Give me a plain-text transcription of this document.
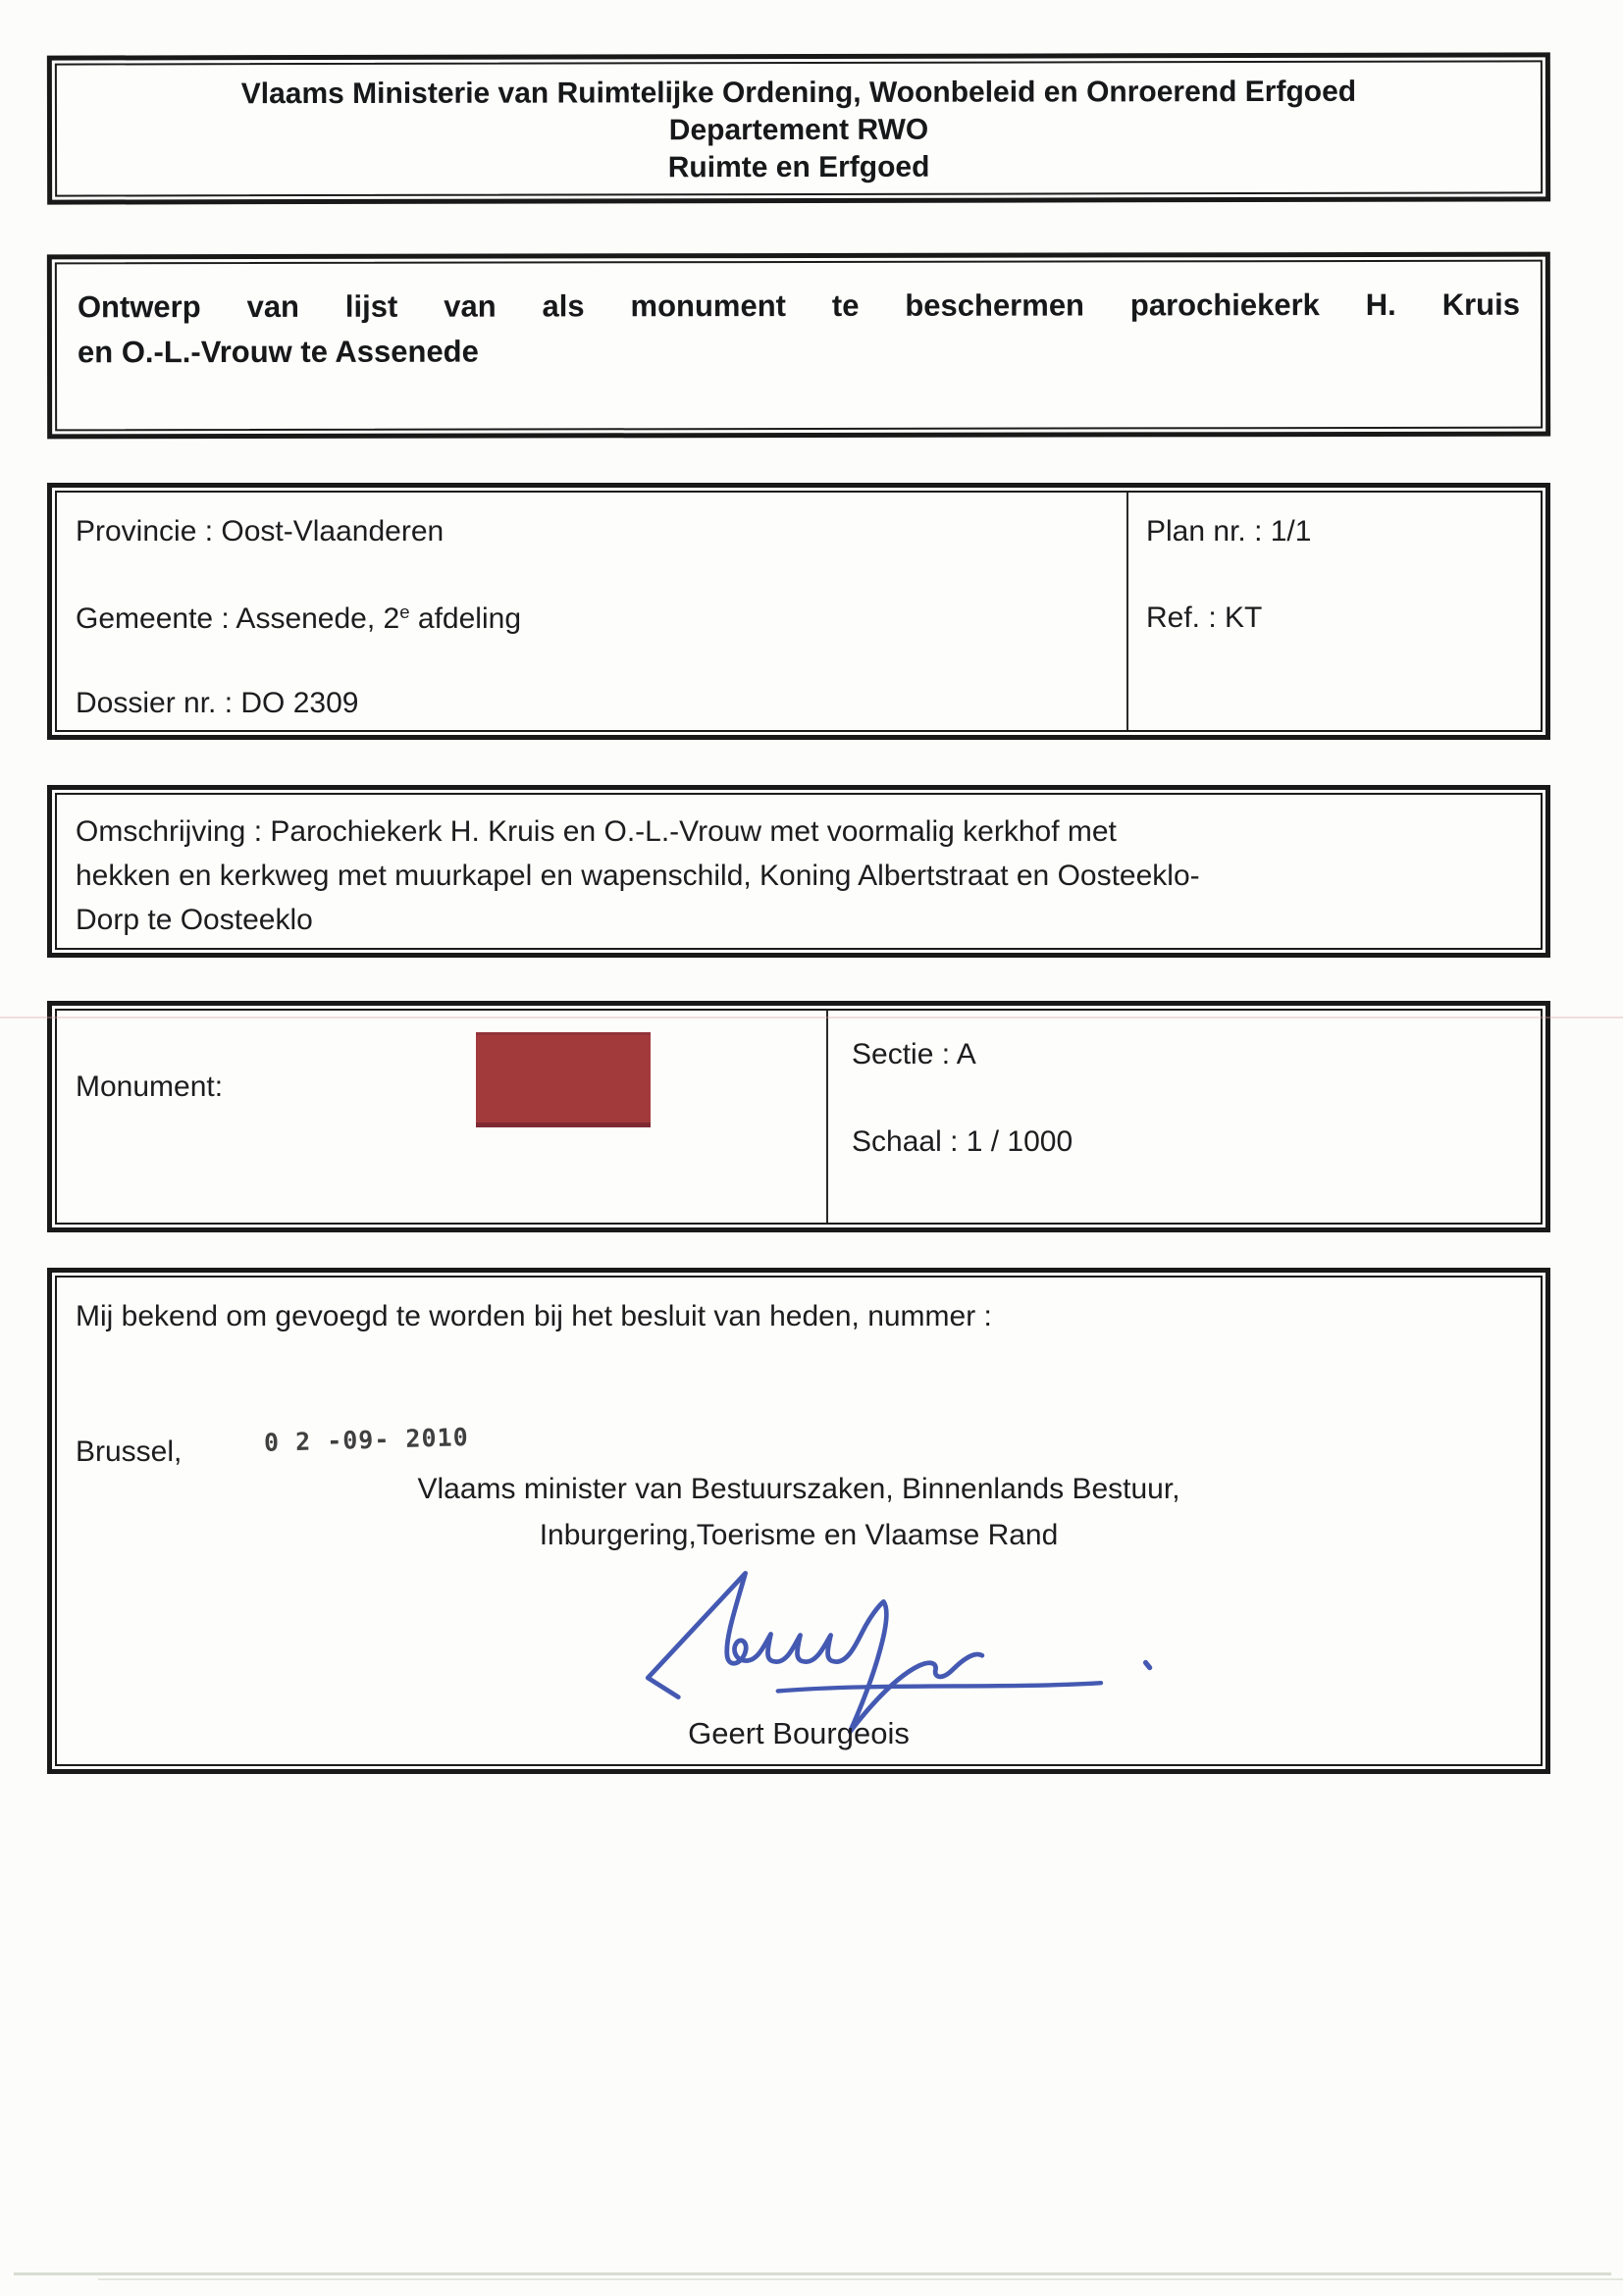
Vlaams Ministerie van Ruimtelijke Ordening, Woonbeleid en Onroerend Erfgoed
Departement RWO
Ruimte en Erfgoed
Ontwerp van lijst van als monument te beschermen parochiekerk H. Kruis
en O.-L.-Vrouw te Assenede
Provincie : Oost-Vlaanderen
Gemeente : Assenede, 2e afdeling
Dossier nr. : DO 2309
Plan nr. : 1/1
Ref. : KT
Omschrijving : Parochiekerk H. Kruis en O.-L.-Vrouw met voormalig kerkhof met
hekken en kerkweg met muurkapel en wapenschild, Koning Albertstraat en Oosteeklo-
Dorp te Oosteeklo
Monument:
Sectie : A
Schaal : 1 / 1000
Mij bekend om gevoegd te worden bij het besluit van heden, nummer :
Brussel,	0 2 -09- 2010
Vlaams minister van Bestuurszaken, Binnenlands Bestuur,
Inburgering,Toerisme en Vlaamse Rand
Geert Bourgeois
